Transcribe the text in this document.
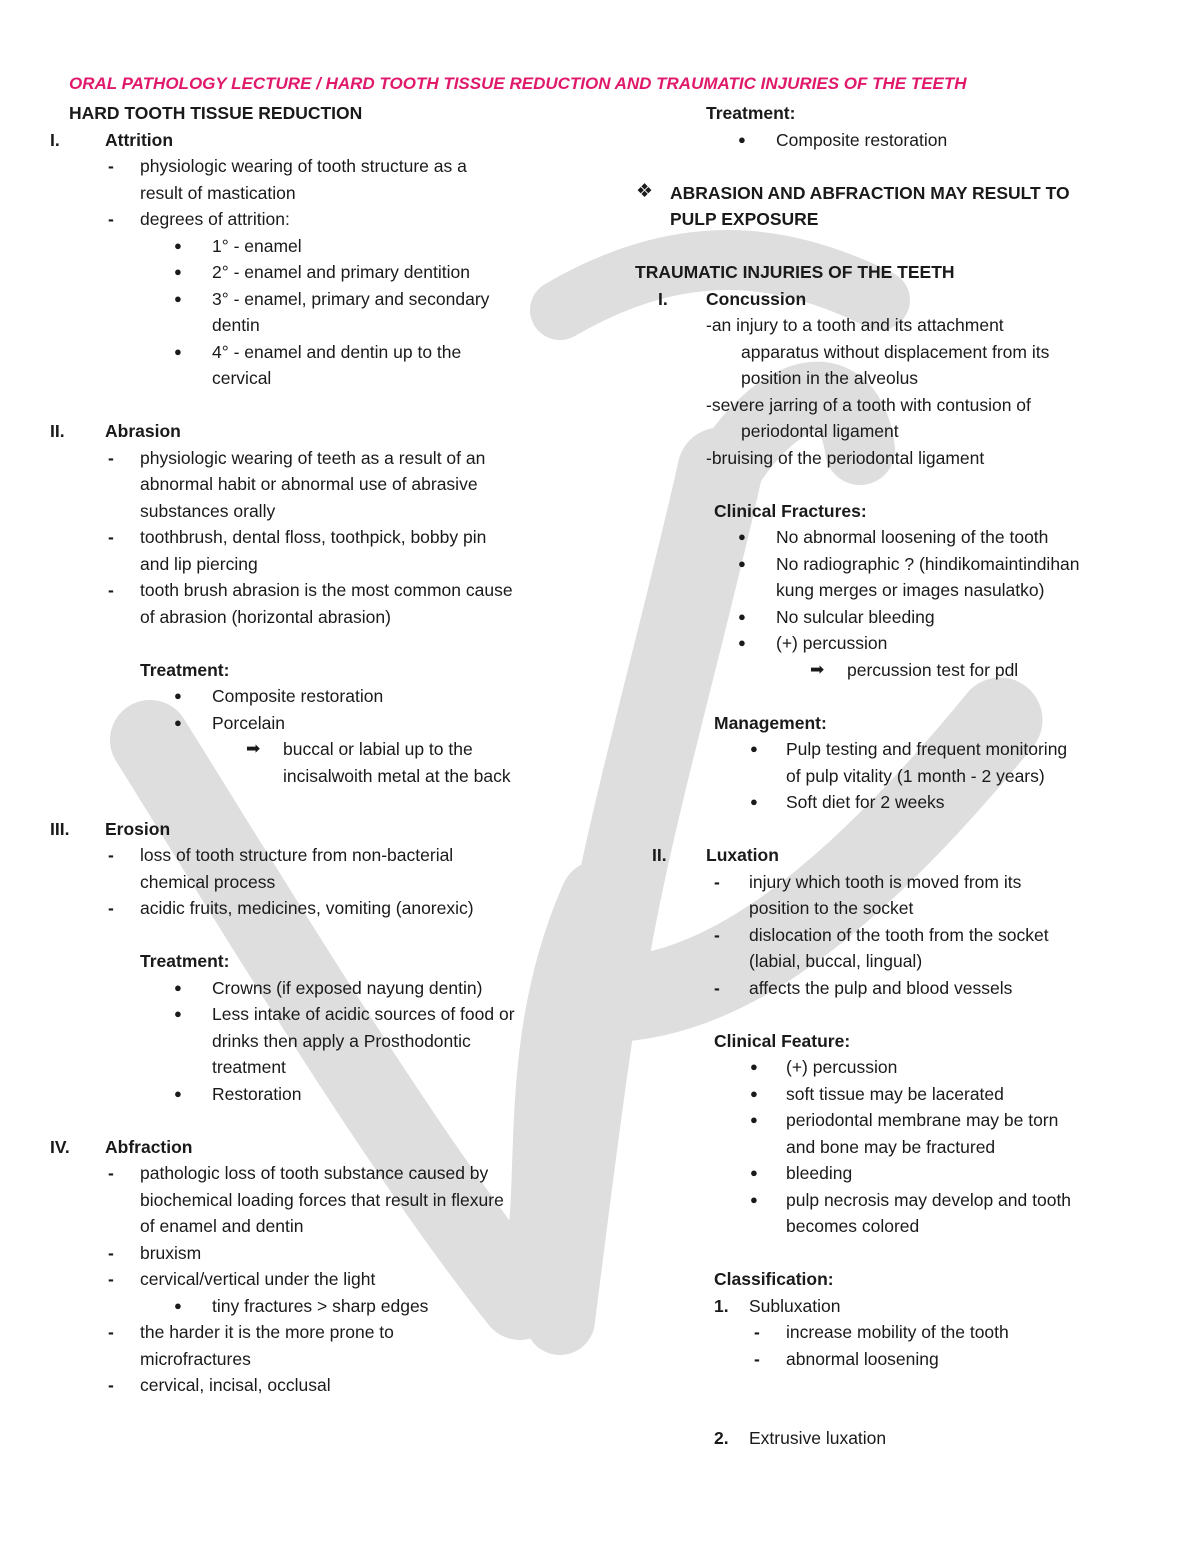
ORAL PATHOLOGY LECTURE / HARD TOOTH TISSUE REDUCTION AND TRAUMATIC INJURIES OF THE TEETH
HARD TOOTH TISSUE REDUCTION
I.	Attrition
- physiologic wearing of tooth structure as a
result of mastication
- degrees of attrition:
● 1° - enamel
● 2° - enamel and primary dentition
● 3° - enamel, primary and secondary
dentin
● 4° - enamel and dentin up to the
cervical
II. Abrasion
- physiologic wearing of teeth as a result of an
abnormal habit or abnormal use of abrasive
substances orally
- toothbrush, dental floss, toothpick, bobby pin
and lip piercing
- tooth brush abrasion is the most common cause
of abrasion (horizontal abrasion)
Treatment:
● Composite restoration
● Porcelain
➡ buccal or labial up to the
incisalwoith metal at the back
III. Erosion
- loss of tooth structure from non-bacterial
chemical process
- acidic fruits, medicines, vomiting (anorexic)
Treatment:
● Crowns (if exposed nayung dentin)
● Less intake of acidic sources of food or
drinks then apply a Prosthodontic
treatment
● Restoration
IV. Abfraction
- pathologic loss of tooth substance caused by
biochemical loading forces that result in flexure
of enamel and dentin
- bruxism
- cervical/vertical under the light
● tiny fractures > sharp edges
- the harder it is the more prone to
microfractures
- cervical, incisal, occlusal
Treatment:
● Composite restoration
❖ ABRASION AND ABFRACTION MAY RESULT TO
PULP EXPOSURE
TRAUMATIC INJURIES OF THE TEETH
I. Concussion
-an injury to a tooth and its attachment
apparatus without displacement from its
position in the alveolus
-severe jarring of a tooth with contusion of
periodontal ligament
-bruising of the periodontal ligament
Clinical Fractures:
● No abnormal loosening of the tooth
● No radiographic ? (hindikomaintindihan
kung merges or images nasulatko)
● No sulcular bleeding
● (+) percussion
➡ percussion test for pdl
Management:
● Pulp testing and frequent monitoring
of pulp vitality (1 month - 2 years)
● Soft diet for 2 weeks
II. Luxation
- injury which tooth is moved from its
position to the socket
- dislocation of the tooth from the socket
(labial, buccal, lingual)
- affects the pulp and blood vessels
Clinical Feature:
● (+) percussion
● soft tissue may be lacerated
● periodontal membrane may be torn
and bone may be fractured
● bleeding
● pulp necrosis may develop and tooth
becomes colored
Classification:
1. Subluxation
- increase mobility of the tooth
- abnormal loosening
2. Extrusive luxation
